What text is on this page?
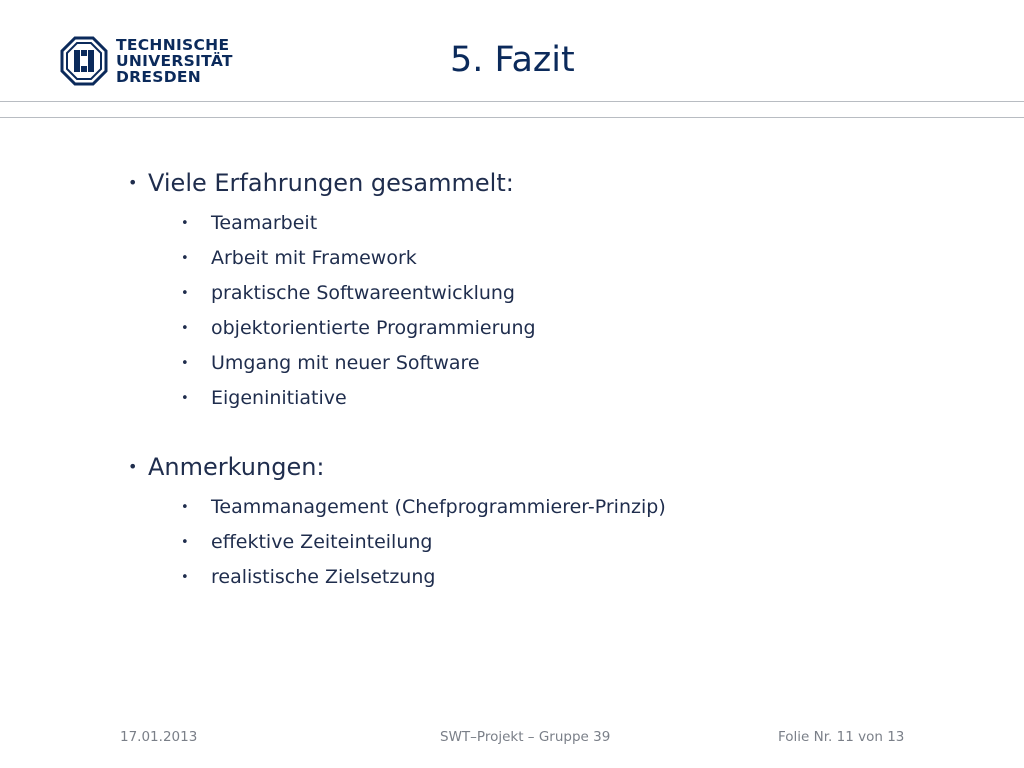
TECHNISCHE
UNIVERSITÄT
DRESDEN	5. Fazit
• Viele Erfahrungen gesammelt:
• Teamarbeit
• Arbeit mit Framework
• praktische Softwareentwicklung
• objektorientierte Programmierung
• Umgang mit neuer Software
• Eigeninitiative
• Anmerkungen:
• Teammanagement (Chefprogrammierer-Prinzip)
• effektive Zeiteinteilung
• realistische Zielsetzung
17.01.2013	SWT–Projekt – Gruppe 39	Folie Nr. 11 von 13
